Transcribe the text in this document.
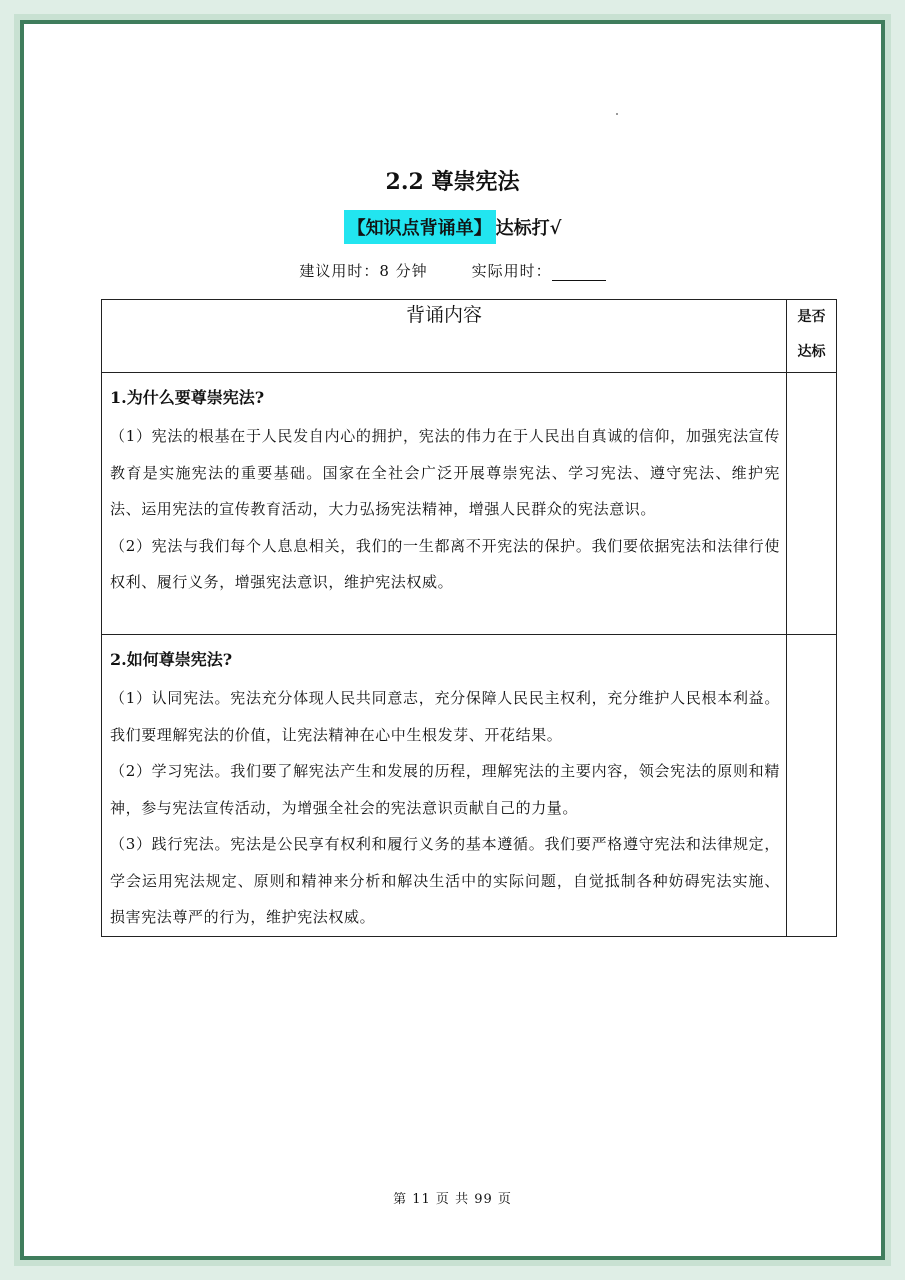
2.2 尊崇宪法
【知识点背诵单】 达标打√
建议用时：8 分钟	实际用时：
背诵内容	是否
达标

1.为什么要尊崇宪法?
（1）宪法的根基在于人民发自内心的拥护，宪法的伟力在于人民出自真诚的信仰，加强宪法宣传教育是实施宪法的重要基础。国家在全社会广泛开展尊崇宪法、学习宪法、遵守宪法、维护宪法、运用宪法的宣传教育活动，大力弘扬宪法精神，增强人民群众的宪法意识。
（2）宪法与我们每个人息息相关，我们的一生都离不开宪法的保护。我们要依据宪法和法律行使权利、履行义务，增强宪法意识，维护宪法权威。	

2.如何尊崇宪法?
（1）认同宪法。宪法充分体现人民共同意志，充分保障人民民主权利，充分维护人民根本利益。我们要理解宪法的价值，让宪法精神在心中生根发芽、开花结果。
（2）学习宪法。我们要了解宪法产生和发展的历程，理解宪法的主要内容，领会宪法的原则和精神，参与宪法宣传活动，为增强全社会的宪法意识贡献自己的力量。
（3）践行宪法。宪法是公民享有权利和履行义务的基本遵循。我们要严格遵守宪法和法律规定，学会运用宪法规定、原则和精神来分析和解决生活中的实际问题，自觉抵制各种妨碍宪法实施、损害宪法尊严的行为，维护宪法权威。	

第 11 页 共 99 页
